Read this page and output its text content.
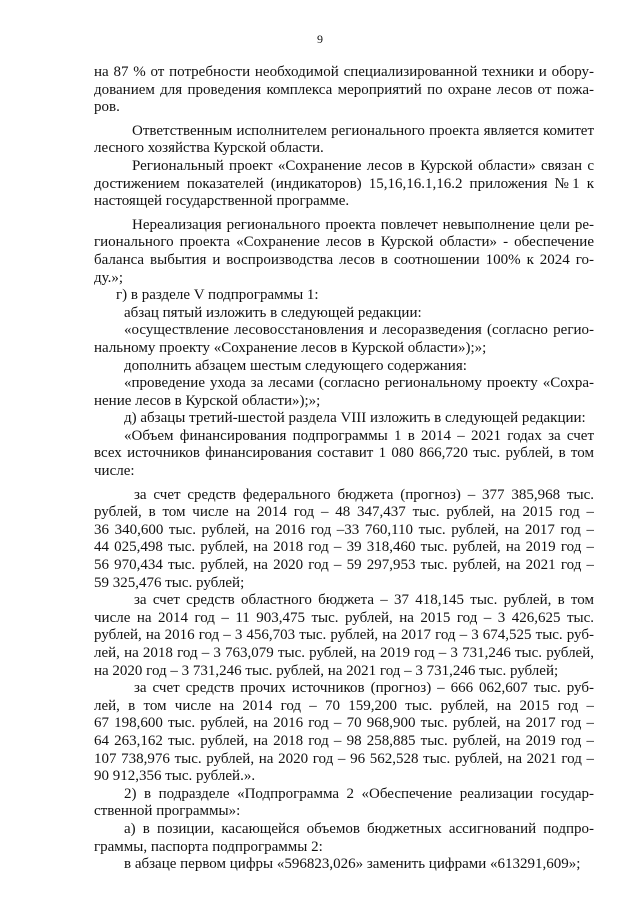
9
на 87 % от потребности необходимой специализированной техники и обору-
дованием для проведения комплекса мероприятий по охране лесов от пожа-
ров.
Ответственным исполнителем регионального проекта является комитет
лесного хозяйства Курской области.
Региональный проект «Сохранение лесов в Курской области» связан с
достижением показателей (индикаторов) 15,16,16.1,16.2 приложения №1 к
настоящей государственной программе.
Нереализация регионального проекта повлечет невыполнение цели ре-
гионального проекта «Сохранение лесов в Курской области» - обеспечение
баланса выбытия и воспроизводства лесов в соотношении 100% к 2024 го-
ду.»;
г) в разделе V подпрограммы 1:
абзац пятый изложить в следующей редакции:
«осуществление лесовосстановления и лесоразведения (согласно регио-
нальному проекту «Сохранение лесов в Курской области»);»;
дополнить абзацем шестым следующего содержания:
«проведение ухода за лесами (согласно региональному проекту «Сохра-
нение лесов в Курской области»);»;
д) абзацы третий-шестой раздела VIII изложить в следующей редакции:
«Объем финансирования подпрограммы 1 в 2014 – 2021 годах за счет
всех источников финансирования составит 1 080 866,720 тыс. рублей, в том
числе:
за счет средств федерального бюджета (прогноз) – 377 385,968 тыс.
рублей, в том числе на 2014 год – 48 347,437 тыс. рублей, на 2015 год –
36 340,600 тыс. рублей, на 2016 год –33 760,110 тыс. рублей, на 2017 год –
44 025,498 тыс. рублей, на 2018 год – 39 318,460 тыс. рублей, на 2019 год –
56 970,434 тыс. рублей, на 2020 год – 59 297,953 тыс. рублей, на 2021 год –
59 325,476 тыс. рублей;
за счет средств областного бюджета – 37 418,145 тыс. рублей, в том
числе на 2014 год – 11 903,475 тыс. рублей, на 2015 год – 3 426,625 тыс.
рублей, на 2016 год – 3 456,703 тыс. рублей, на 2017 год – 3 674,525 тыс. руб-
лей, на 2018 год – 3 763,079 тыс. рублей, на 2019 год – 3 731,246 тыс. рублей,
на 2020 год – 3 731,246 тыс. рублей, на 2021 год – 3 731,246 тыс. рублей;
за счет средств прочих источников (прогноз) – 666 062,607 тыс. руб-
лей, в том числе на 2014 год – 70 159,200 тыс. рублей, на 2015 год –
67 198,600 тыс. рублей, на 2016 год – 70 968,900 тыс. рублей, на 2017 год –
64 263,162 тыс. рублей, на 2018 год – 98 258,885 тыс. рублей, на 2019 год –
107 738,976 тыс. рублей, на 2020 год – 96 562,528 тыс. рублей, на 2021 год –
90 912,356 тыс. рублей.».
2) в подразделе «Подпрограмма 2 «Обеспечение реализации государ-
ственной программы»:
а) в позиции, касающейся объемов бюджетных ассигнований подпро-
граммы, паспорта подпрограммы 2:
в абзаце первом цифры «596823,026» заменить цифрами «613291,609»;
